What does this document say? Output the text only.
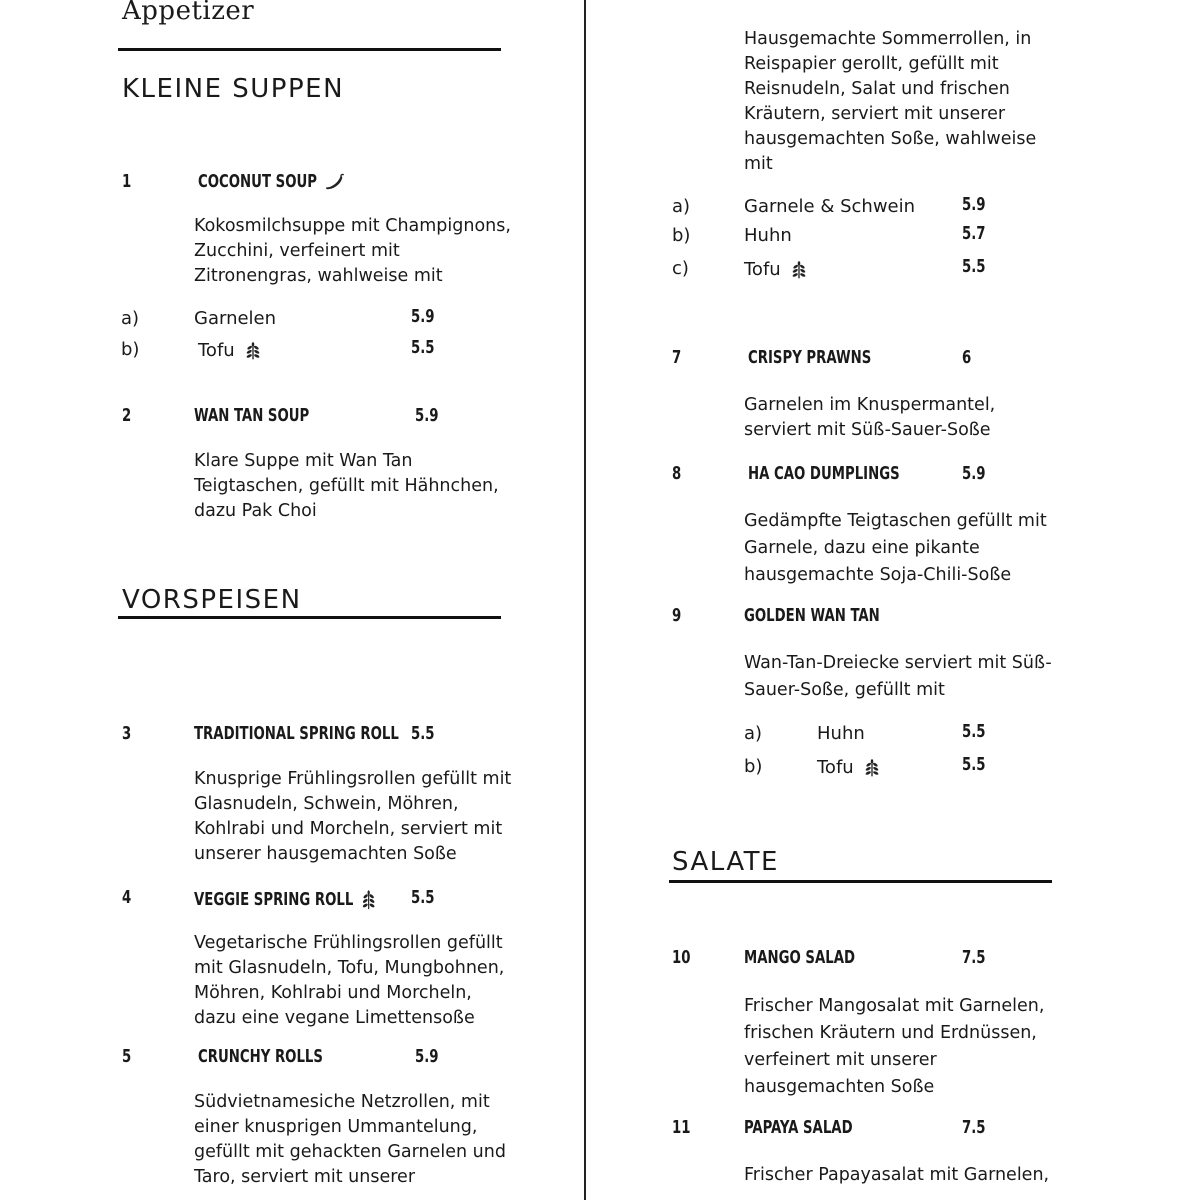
Appetizer
KLEINE SUPPEN
1	COCONUT SOUP
Kokosmilchsuppe mit Champignons,
Zucchini, verfeinert mit
Zitronengras, wahlweise mit
a)	Garnelen	5.9
b)	Tofu	5.5
2	WAN TAN SOUP	5.9
Klare Suppe mit Wan Tan
Teigtaschen, gefüllt mit Hähnchen,
dazu Pak Choi
VORSPEISEN
3	TRADITIONAL SPRING ROLL 5.5
Knusprige Frühlingsrollen gefüllt mit
Glasnudeln, Schwein, Möhren,
Kohlrabi und Morcheln, serviert mit
unserer hausgemachten Soße
4	VEGGIE SPRING ROLL	5.5
Vegetarische Frühlingsrollen gefüllt
mit Glasnudeln, Tofu, Mungbohnen,
Möhren, Kohlrabi und Morcheln,
dazu eine vegane Limettensoße
5	CRUNCHY ROLLS	5.9
Südvietnamesiche Netzrollen, mit
einer knusprigen Ummantelung,
gefüllt mit gehackten Garnelen und
Taro, serviert mit unserer
Hausgemachte Sommerrollen, in
Reispapier gerollt, gefüllt mit
Reisnudeln, Salat und frischen
Kräutern, serviert mit unserer
hausgemachten Soße, wahlweise
mit
a)	Garnele & Schwein	5.9
b)	Huhn	5.7
c)	Tofu	5.5
7	CRISPY PRAWNS	6
Garnelen im Knuspermantel,
serviert mit Süß-Sauer-Soße
8	HA CAO DUMPLINGS	5.9
Gedämpfte Teigtaschen gefüllt mit
Garnele, dazu eine pikante
hausgemachte Soja-Chili-Soße
9	GOLDEN WAN TAN
Wan-Tan-Dreiecke serviert mit Süß-
Sauer-Soße, gefüllt mit
a)	Huhn	5.5
b)	Tofu	5.5
SALATE
10	MANGO SALAD	7.5
Frischer Mangosalat mit Garnelen,
frischen Kräutern und Erdnüssen,
verfeinert mit unserer
hausgemachten Soße
11	PAPAYA SALAD	7.5
Frischer Papayasalat mit Garnelen,
